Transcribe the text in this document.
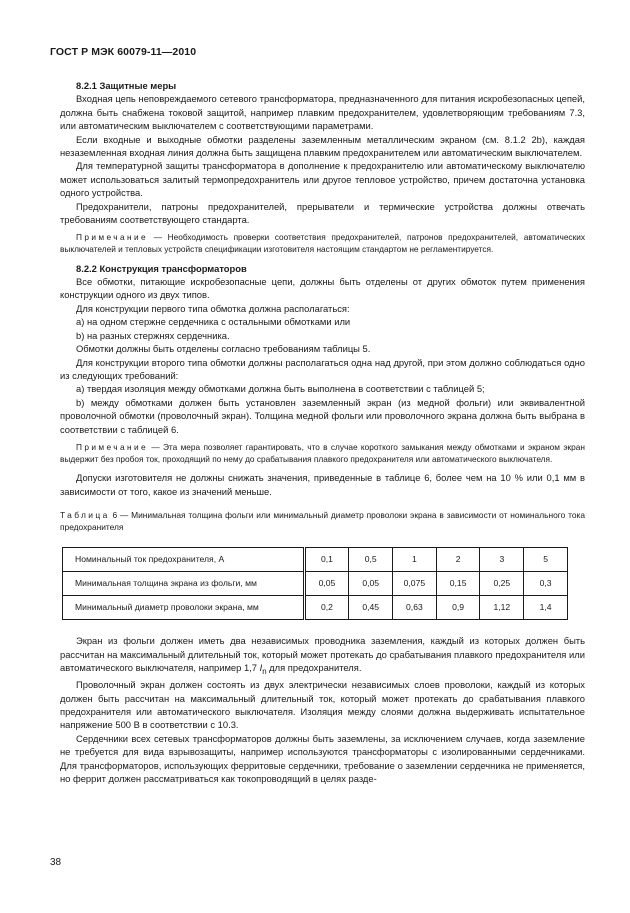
ГОСТ Р МЭК 60079-11—2010

8.2.1 Защитные меры

Входная цепь неповреждаемого сетевого трансформатора, предназначенного для питания искробезопасных цепей, должна быть снабжена токовой защитой, например плавким предохранителем, удовлетворяющим требованиям 7.3, или автоматическим выключателем с соответствующими параметрами.

Если входные и выходные обмотки разделены заземленным металлическим экраном (см. 8.1.2 2b), каждая незаземленная входная линия должна быть защищена плавким предохранителем или автоматическим выключателем.

Для температурной защиты трансформатора в дополнение к предохранителю или автоматическому выключателю может использоваться залитый термопредохранитель или другое тепловое устройство, причем достаточна установка одного устройства.

Предохранители, патроны предохранителей, прерыватели и термические устройства должны отвечать требованиям соответствующего стандарта.

Примечание — Необходимость проверки соответствия предохранителей, патронов предохранителей, автоматических выключателей и тепловых устройств спецификации изготовителя настоящим стандартом не регламентируется.

8.2.2 Конструкция трансформаторов

Все обмотки, питающие искробезопасные цепи, должны быть отделены от других обмоток путем применения конструкции одного из двух типов.

Для конструкции первого типа обмотка должна располагаться:

a) на одном стержне сердечника с остальными обмотками или

b) на разных стержнях сердечника.

Обмотки должны быть отделены согласно требованиям таблицы 5.

Для конструкции второго типа обмотки должны располагаться одна над другой, при этом должно соблюдаться одно из следующих требований:

a) твердая изоляция между обмотками должна быть выполнена в соответствии с таблицей 5;

b) между обмотками должен быть установлен заземленный экран (из медной фольги) или эквивалентной проволочной обмотки (проволочный экран). Толщина медной фольги или проволочного экрана должна быть выбрана в соответствии с таблицей 6.

Примечание — Эта мера позволяет гарантировать, что в случае короткого замыкания между обмотками и экраном экран выдержит без пробоя ток, проходящий по нему до срабатывания плавкого предохранителя или автоматического выключателя.

Допуски изготовителя не должны снижать значения, приведенные в таблице 6, более чем на 10 % или 0,1 мм в зависимости от того, какое из значений меньше.

Таблица 6 — Минимальная толщина фольги или минимальный диаметр проволоки экрана в зависимости от номинального тока предохранителя

Номинальный ток предохранителя, А	0,1	0,5	1	2	3	5
Минимальная толщина экрана из фольги, мм	0,05	0,05	0,075	0,15	0,25	0,3
Минимальный диаметр проволоки экрана, мм	0,2	0,45	0,63	0,9	1,12	1,4

Экран из фольги должен иметь два независимых проводника заземления, каждый из которых должен быть рассчитан на максимальный длительный ток, который может протекать до срабатывания плавкого предохранителя или автоматического выключателя, например 1,7 $I_n$ для предохранителя.

Проволочный экран должен состоять из двух электрически независимых слоев проволоки, каждый из которых должен быть рассчитан на максимальный длительный ток, который может протекать до срабатывания плавкого предохранителя или автоматического выключателя. Изоляция между слоями должна выдерживать испытательное напряжение 500 В в соответствии с 10.3.

Сердечники всех сетевых трансформаторов должны быть заземлены, за исключением случаев, когда заземление не требуется для вида взрывозащиты, например используются трансформаторы с изолированными сердечниками. Для трансформаторов, использующих ферритовые сердечники, требование о заземлении сердечника не применяется, но феррит должен рассматриваться как токопроводящий в целях разде-

38
